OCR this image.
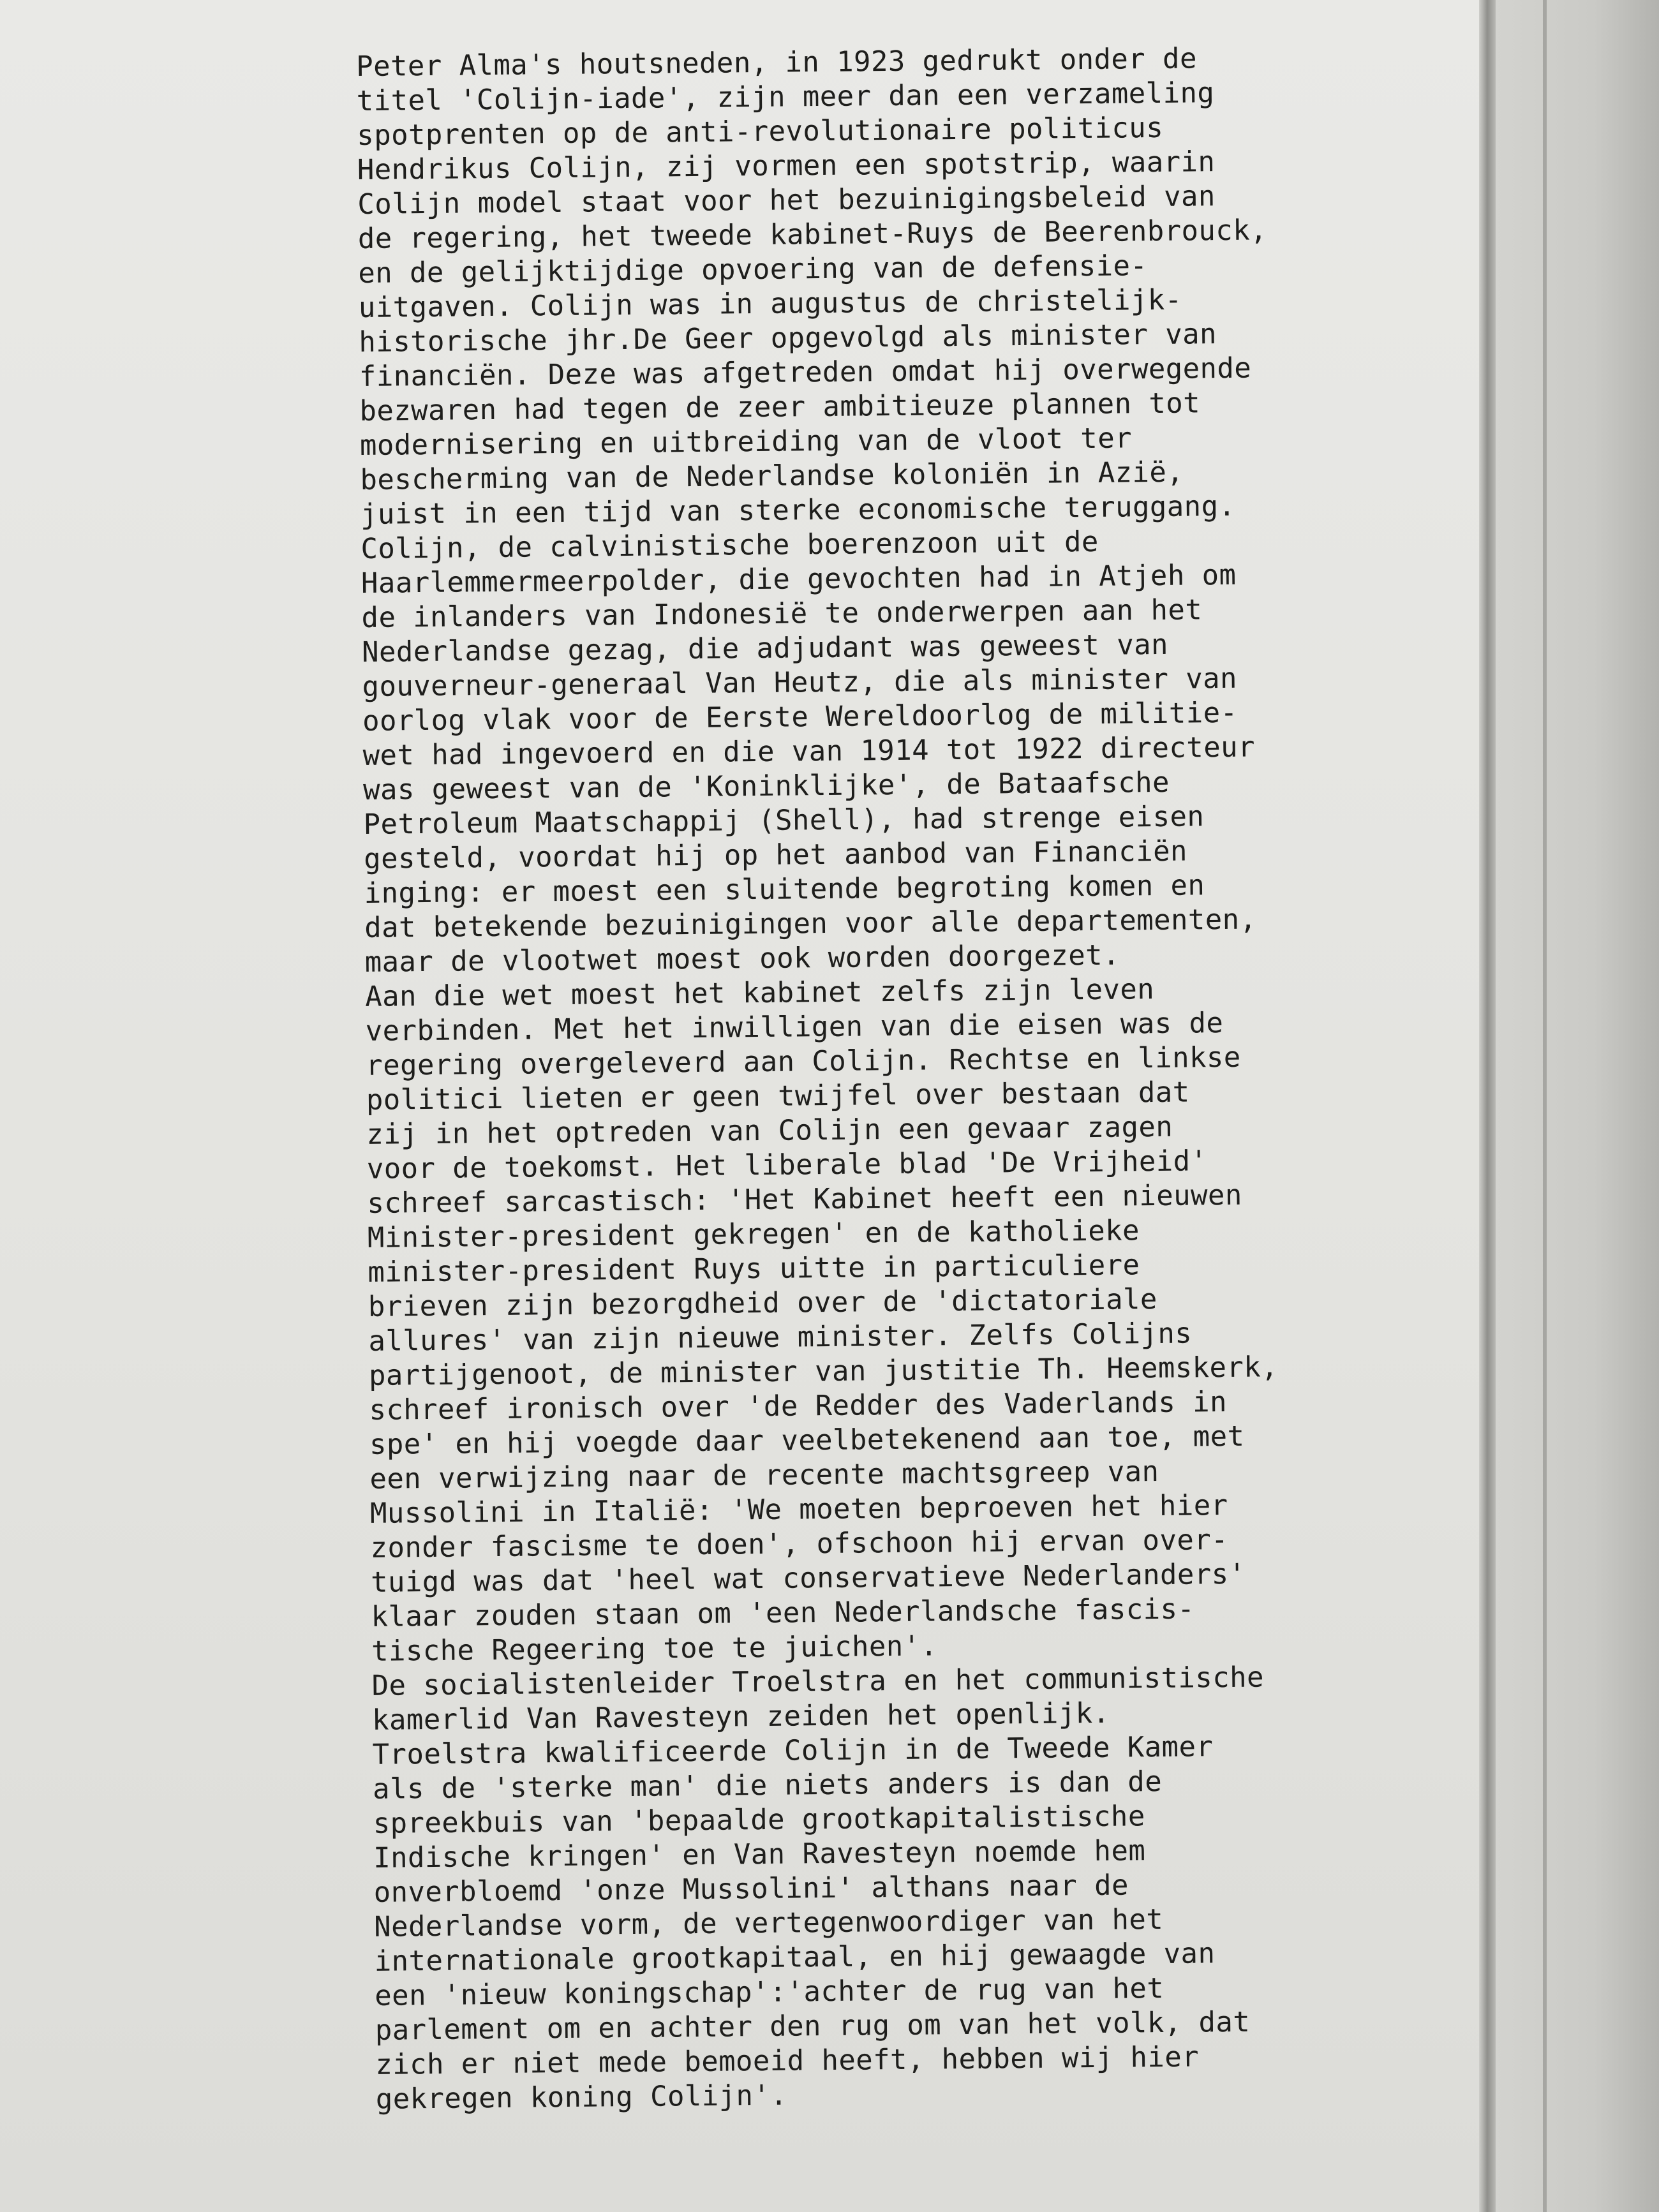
Peter Alma's houtsneden, in 1923 gedrukt onder de
titel 'Colijn-iade', zijn meer dan een verzameling
spotprenten op de anti-revolutionaire politicus
Hendrikus Colijn, zij vormen een spotstrip, waarin
Colijn model staat voor het bezuinigingsbeleid van
de regering, het tweede kabinet-Ruys de Beerenbrouck,
en de gelijktijdige opvoering van de defensie-
uitgaven. Colijn was in augustus de christelijk-
historische jhr.De Geer opgevolgd als minister van
financiën. Deze was afgetreden omdat hij overwegende
bezwaren had tegen de zeer ambitieuze plannen tot
modernisering en uitbreiding van de vloot ter
bescherming van de Nederlandse koloniën in Azië,
juist in een tijd van sterke economische teruggang.
Colijn, de calvinistische boerenzoon uit de
Haarlemmermeerpolder, die gevochten had in Atjeh om
de inlanders van Indonesië te onderwerpen aan het
Nederlandse gezag, die adjudant was geweest van
gouverneur-generaal Van Heutz, die als minister van
oorlog vlak voor de Eerste Wereldoorlog de militie-
wet had ingevoerd en die van 1914 tot 1922 directeur
was geweest van de 'Koninklijke', de Bataafsche
Petroleum Maatschappij (Shell), had strenge eisen
gesteld, voordat hij op het aanbod van Financiën
inging: er moest een sluitende begroting komen en
dat betekende bezuinigingen voor alle departementen,
maar de vlootwet moest ook worden doorgezet.
Aan die wet moest het kabinet zelfs zijn leven
verbinden. Met het inwilligen van die eisen was de
regering overgeleverd aan Colijn. Rechtse en linkse
politici lieten er geen twijfel over bestaan dat
zij in het optreden van Colijn een gevaar zagen
voor de toekomst. Het liberale blad 'De Vrijheid'
schreef sarcastisch: 'Het Kabinet heeft een nieuwen
Minister-president gekregen' en de katholieke
minister-president Ruys uitte in particuliere
brieven zijn bezorgdheid over de 'dictatoriale
allures' van zijn nieuwe minister. Zelfs Colijns
partijgenoot, de minister van justitie Th. Heemskerk,
schreef ironisch over 'de Redder des Vaderlands in
spe' en hij voegde daar veelbetekenend aan toe, met
een verwijzing naar de recente machtsgreep van
Mussolini in Italië: 'We moeten beproeven het hier
zonder fascisme te doen', ofschoon hij ervan over-
tuigd was dat 'heel wat conservatieve Nederlanders'
klaar zouden staan om 'een Nederlandsche fascis-
tische Regeering toe te juichen'.
De socialistenleider Troelstra en het communistische
kamerlid Van Ravesteyn zeiden het openlijk.
Troelstra kwalificeerde Colijn in de Tweede Kamer
als de 'sterke man' die niets anders is dan de
spreekbuis van 'bepaalde grootkapitalistische
Indische kringen' en Van Ravesteyn noemde hem
onverbloemd 'onze Mussolini' althans naar de
Nederlandse vorm, de vertegenwoordiger van het
internationale grootkapitaal, en hij gewaagde van
een 'nieuw koningschap':'achter de rug van het
parlement om en achter den rug om van het volk, dat
zich er niet mede bemoeid heeft, hebben wij hier
gekregen koning Colijn'.
